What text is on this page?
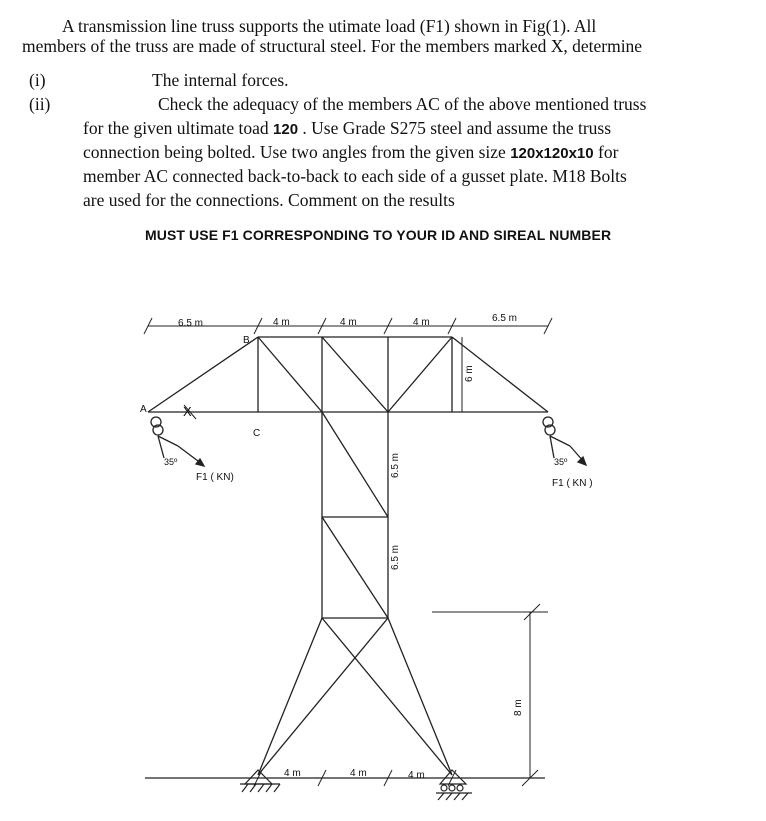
A transmission line truss supports the utimate load (F1) shown in Fig(1). All
members of the truss are made of structural steel. For the members marked X, determine
(i)	The internal forces.
(ii)	Check the adequacy of the members AC of the above mentioned truss
for the given ultimate toad 120 . Use Grade S275 steel and assume the truss
connection being bolted. Use two angles from the given size 120x120x10 for
member AC connected back-to-back to each side of a gusset plate. M18 Bolts
are used for the connections. Comment on the results
MUST USE F1 CORRESPONDING TO YOUR ID AND SIREAL NUMBER
6.5 m	4 m	4 m	4 m	6.5 m
A
B
C
35º
F1 ( KN)
35º
F1 ( KN )
6 m
6.5 m
6.5 m
8 m
4 m	4 m	4 m
X
